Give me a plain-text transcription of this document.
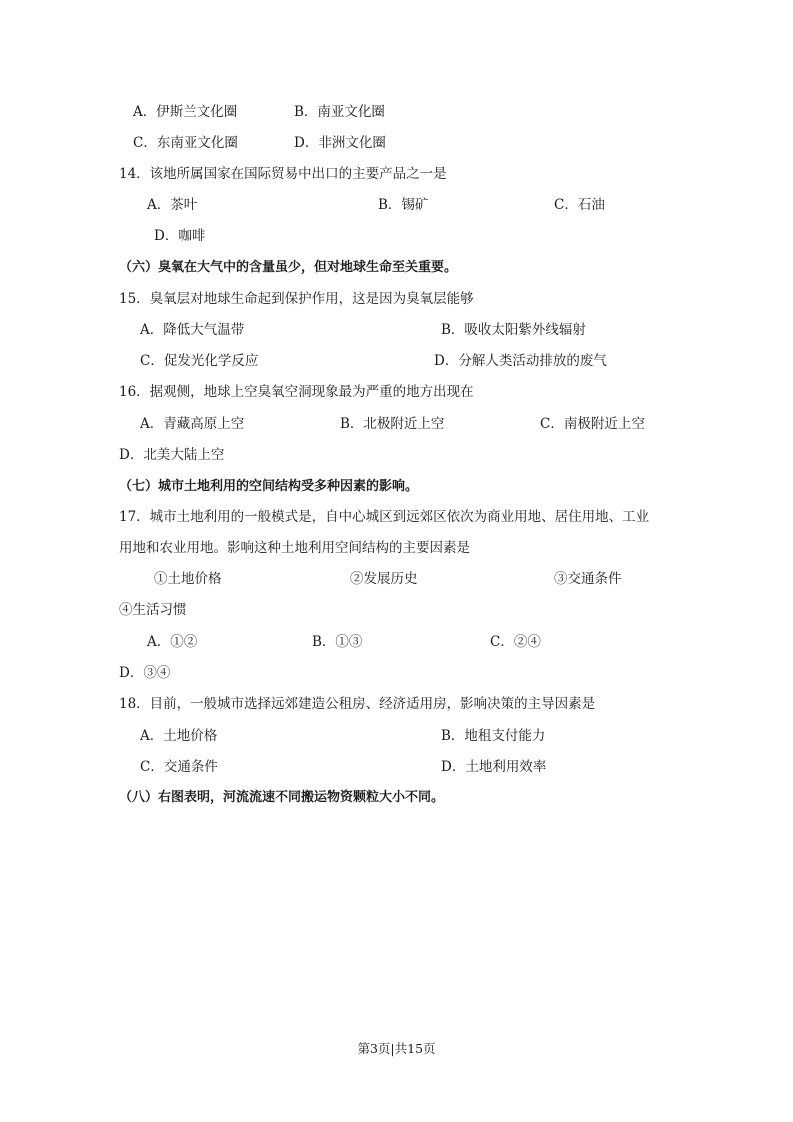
A．伊斯兰文化圈	B．南亚文化圈
C．东南亚文化圈	D．非洲文化圈
14．该地所属国家在国际贸易中出口的主要产品之一是
A．茶叶	B．锡矿	C．石油
D．咖啡
（六）臭氧在大气中的含量虽少，但对地球生命至关重要。
15．臭氧层对地球生命起到保护作用，这是因为臭氧层能够
A．降低大气温带	B．吸收太阳紫外线辐射
C．促发光化学反应	D．分解人类活动排放的废气
16．据观侧，地球上空臭氧空洞现象最为严重的地方出现在
A．青藏高原上空	B．北极附近上空	C．南极附近上空
D．北美大陆上空
（七）城市土地利用的空间结构受多种因素的影响。
17．城市土地利用的一般模式是，自中心城区到远郊区依次为商业用地、居住用地、工业
用地和农业用地。影响这种土地利用空间结构的主要因素是
①土地价格	②发展历史	③交通条件
④生活习惯
A．①②	B．①③	C．②④
D．③④
18．目前，一般城市选择远郊建造公租房、经济适用房，影响决策的主导因素是
A．土地价格	B．地租支付能力
C．交通条件	D．土地利用效率
（八）右图表明，河流流速不同搬运物资颗粒大小不同。
第3页|共15页
